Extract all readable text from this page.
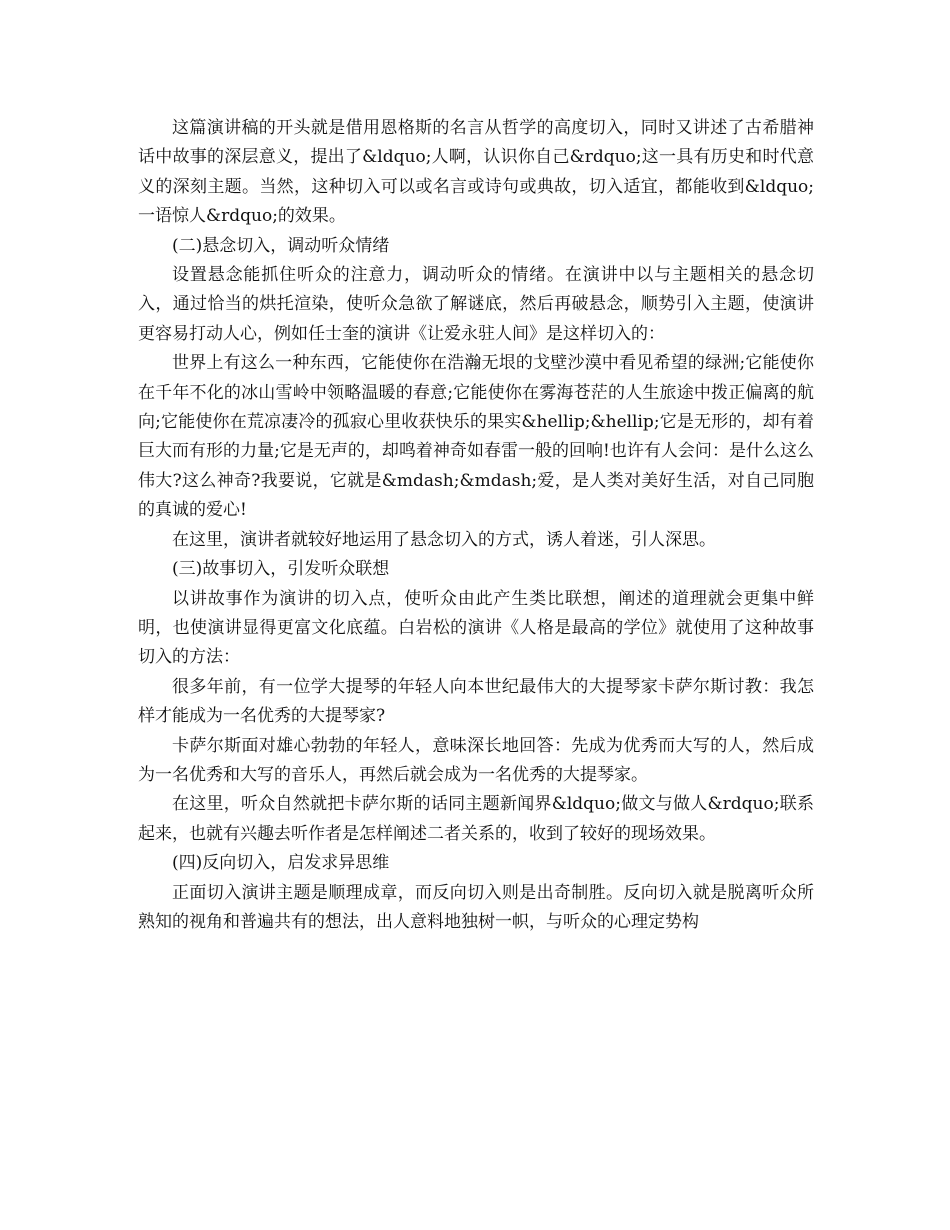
这篇演讲稿的开头就是借用恩格斯的名言从哲学的高度切入，同时又讲述了古希腊神话中故事的深层意义，提出了&ldquo;人啊，认识你自己&rdquo;这一具有历史和时代意义的深刻主题。当然，这种切入可以或名言或诗句或典故，切入适宜，都能收到&ldquo;一语惊人&rdquo;的效果。

(二)悬念切入，调动听众情绪

设置悬念能抓住听众的注意力，调动听众的情绪。在演讲中以与主题相关的悬念切入，通过恰当的烘托渲染，使听众急欲了解谜底，然后再破悬念，顺势引入主题，使演讲更容易打动人心，例如任士奎的演讲《让爱永驻人间》是这样切入的：

世界上有这么一种东西，它能使你在浩瀚无垠的戈壁沙漠中看见希望的绿洲;它能使你在千年不化的冰山雪岭中领略温暖的春意;它能使你在雾海苍茫的人生旅途中拨正偏离的航向;它能使你在荒凉凄冷的孤寂心里收获快乐的果实&hellip;&hellip;它是无形的，却有着巨大而有形的力量;它是无声的，却鸣着神奇如春雷一般的回响!也许有人会问：是什么这么伟大?这么神奇?我要说，它就是&mdash;&mdash;爱，是人类对美好生活，对自己同胞的真诚的爱心!

在这里，演讲者就较好地运用了悬念切入的方式，诱人着迷，引人深思。

(三)故事切入，引发听众联想

以讲故事作为演讲的切入点，使听众由此产生类比联想，阐述的道理就会更集中鲜明，也使演讲显得更富文化底蕴。白岩松的演讲《人格是最高的学位》就使用了这种故事切入的方法：

很多年前，有一位学大提琴的年轻人向本世纪最伟大的大提琴家卡萨尔斯讨教：我怎样才能成为一名优秀的大提琴家?

卡萨尔斯面对雄心勃勃的年轻人，意味深长地回答：先成为优秀而大写的人，然后成为一名优秀和大写的音乐人，再然后就会成为一名优秀的大提琴家。

在这里，听众自然就把卡萨尔斯的话同主题新闻界&ldquo;做文与做人&rdquo;联系起来，也就有兴趣去听作者是怎样阐述二者关系的，收到了较好的现场效果。

(四)反向切入，启发求异思维

正面切入演讲主题是顺理成章，而反向切入则是出奇制胜。反向切入就是脱离听众所熟知的视角和普遍共有的想法，出人意料地独树一帜，与听众的心理定势构
